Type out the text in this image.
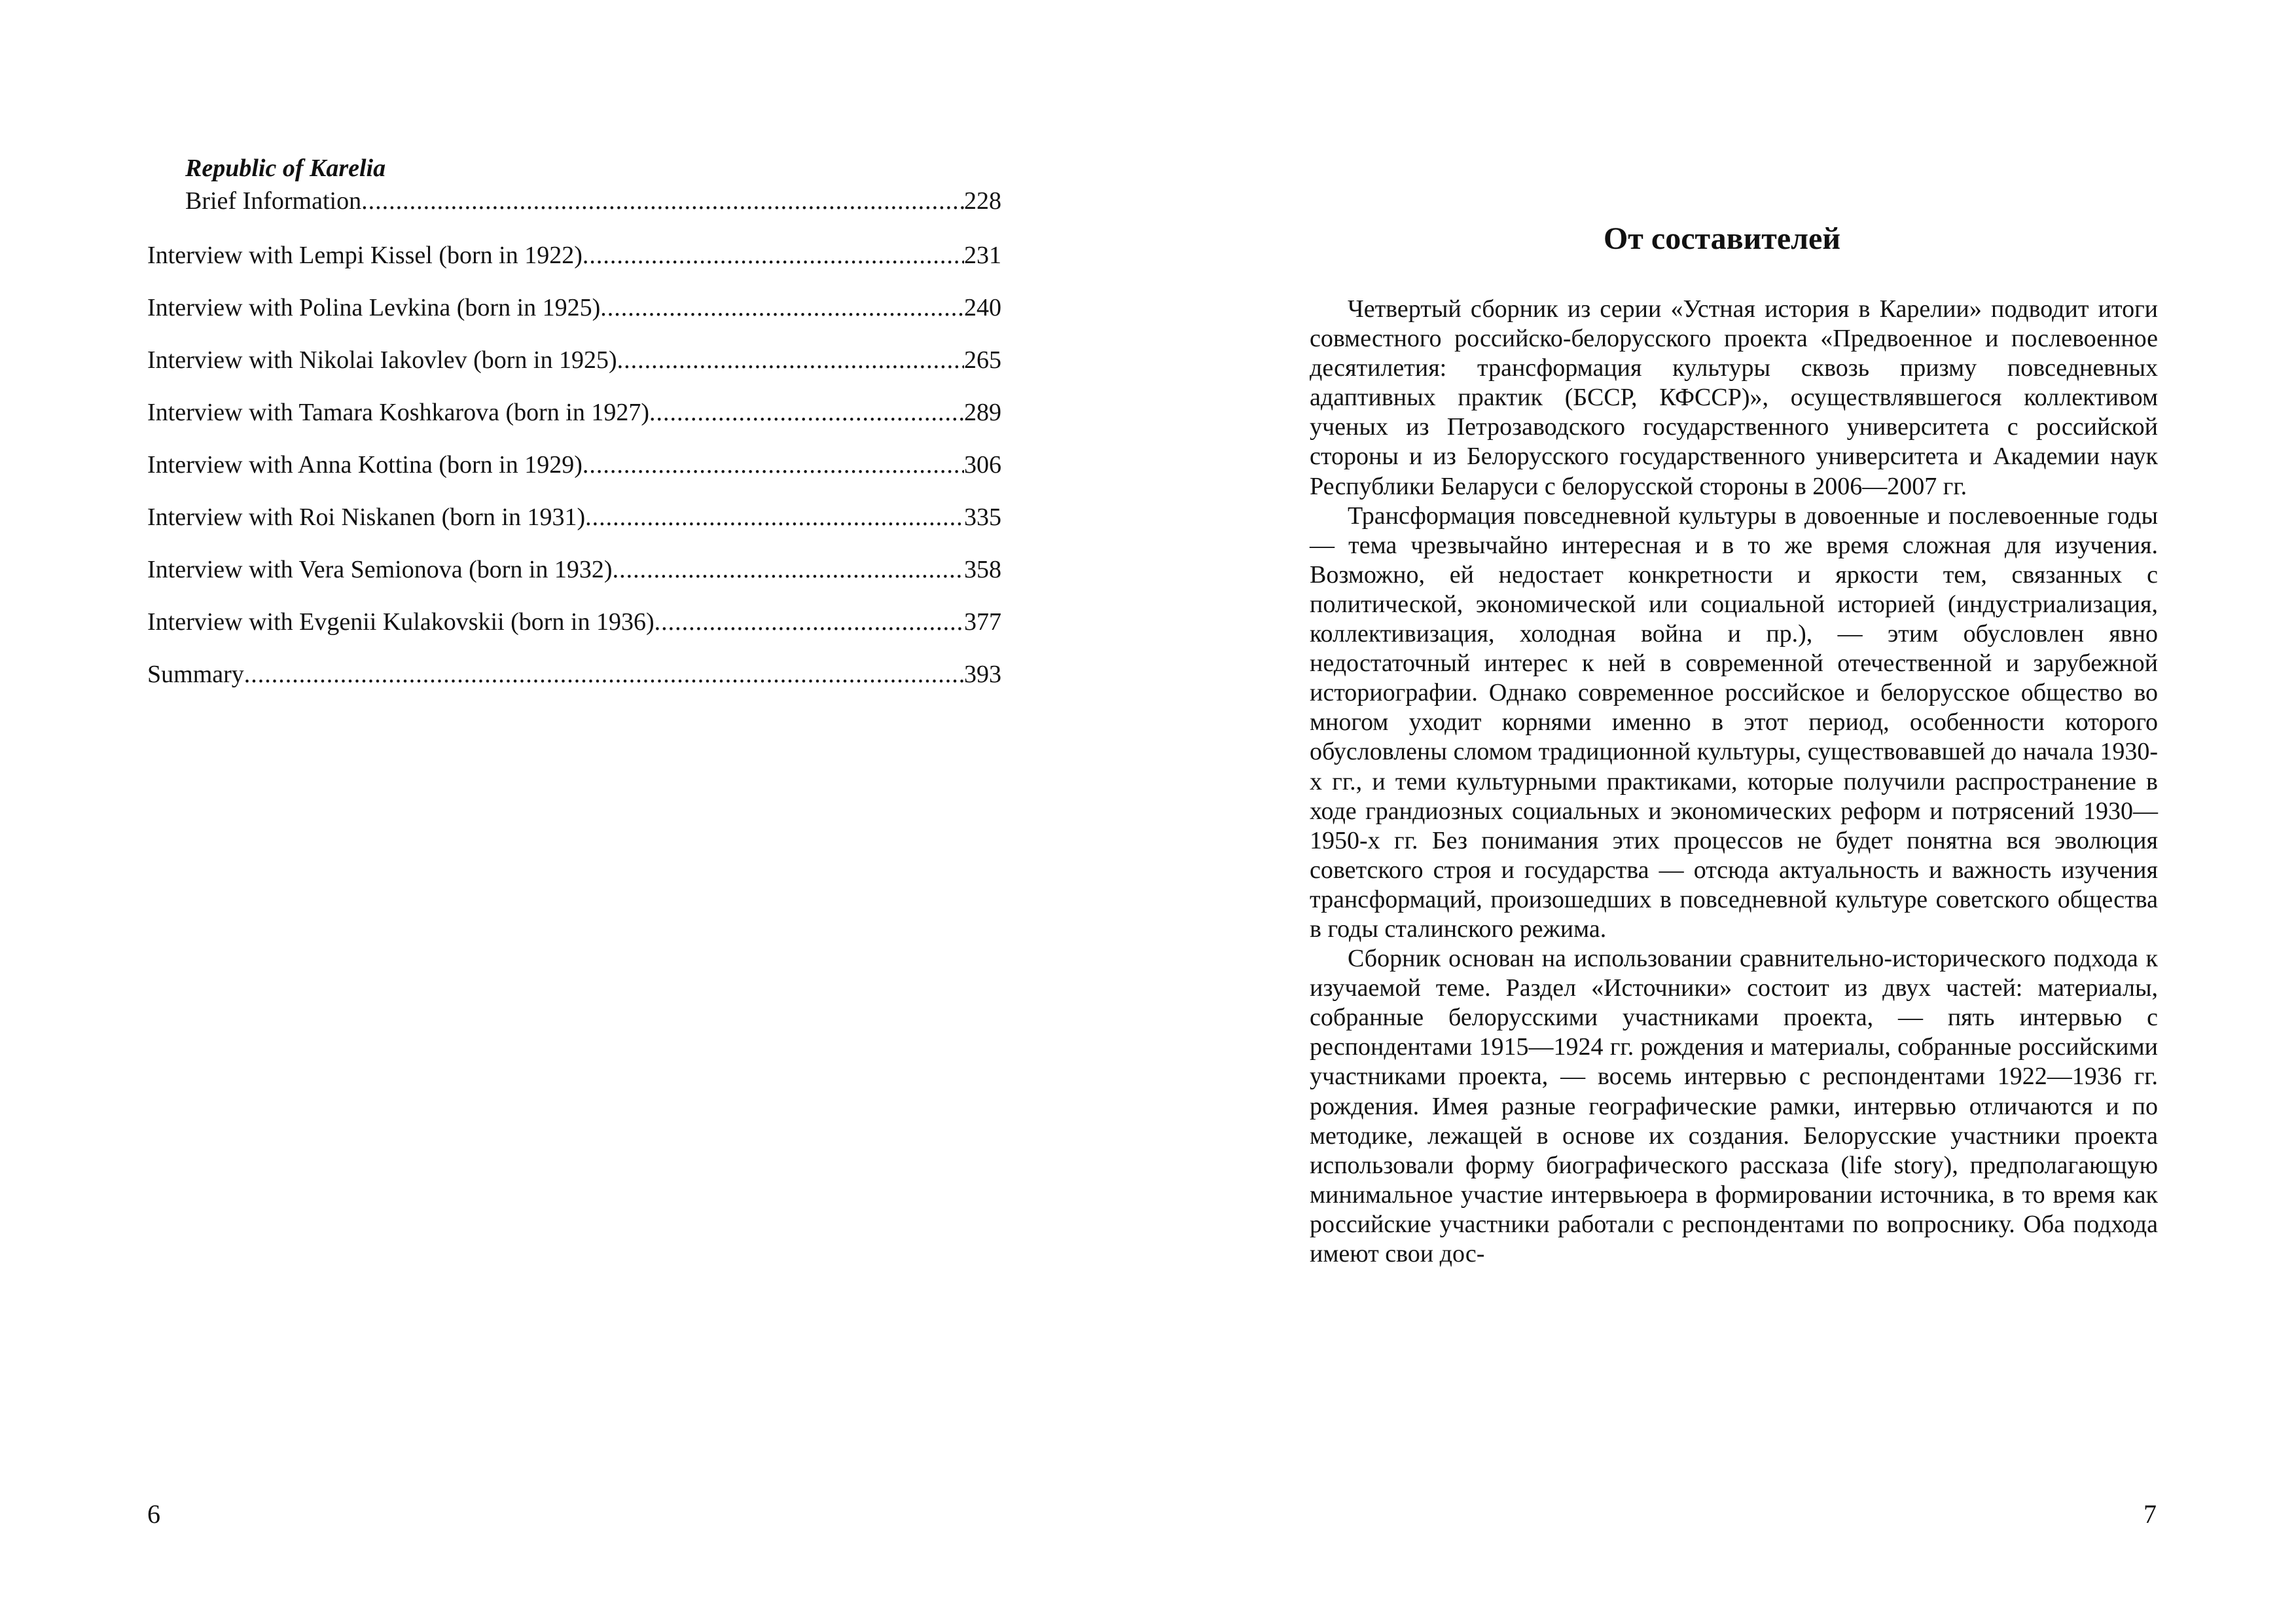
Republic of Karelia
Brief Information .....	228
Interview with Lempi Kissel (born in 1922) .....	231
Interview with Polina Levkina (born in 1925) .....	240
Interview with Nikolai Iakovlev (born in 1925) .....	265
Interview with Tamara Koshkarova (born in 1927) .....	289
Interview with Anna Kottina (born in 1929) .....	306
Interview with Roi Niskanen (born in 1931) .....	335
Interview with Vera Semionova (born in 1932) .....	358
Interview with Evgenii Kulakovskii (born in 1936) .....	377
Summary .....	393
6
От составителей

Четвертый сборник из серии «Устная история в Карелии» подводит итоги совместного российско-белорусского проекта «Предвоенное и послевоенное десятилетия: трансформация культуры сквозь призму повседневных адаптивных практик (БССР, КФССР)», осуществлявшегося коллективом ученых из Петрозаводского государственного университета с российской стороны и из Белорусского государственного университета и Академии наук Республики Беларуси с белорусской стороны в 2006—2007 гг.

Трансформация повседневной культуры в довоенные и послевоенные годы — тема чрезвычайно интересная и в то же время сложная для изучения. Возможно, ей недостает конкретности и яркости тем, связанных с политической, экономической или социальной историей (индустриализация, коллективизация, холодная война и пр.), — этим обусловлен явно недостаточный интерес к ней в современной отечественной и зарубежной историографии. Однако современное российское и белорусское общество во многом уходит корнями именно в этот период, особенности которого обусловлены сломом традиционной культуры, существовавшей до начала 1930-х гг., и теми культурными практиками, которые получили распространение в ходе грандиозных социальных и экономических реформ и потрясений 1930—1950-х гг. Без понимания этих процессов не будет понятна вся эволюция советского строя и государства — отсюда актуальность и важность изучения трансформаций, произошедших в повседневной культуре советского общества в годы сталинского режима.

Сборник основан на использовании сравнительно-исторического подхода к изучаемой теме. Раздел «Источники» состоит из двух частей: материалы, собранные белорусскими участниками проекта, — пять интервью с респондентами 1915—1924 гг. рождения и материалы, собранные российскими участниками проекта, — восемь интервью с респондентами 1922—1936 гг. рождения. Имея разные географические рамки, интервью отличаются и по методике, лежащей в основе их создания. Белорусские участники проекта использовали форму биографического рассказа (life story), предполагающую минимальное участие интервьюера в формировании источника, в то время как российские участники работали с респондентами по вопроснику. Оба подхода имеют свои дос-

7
